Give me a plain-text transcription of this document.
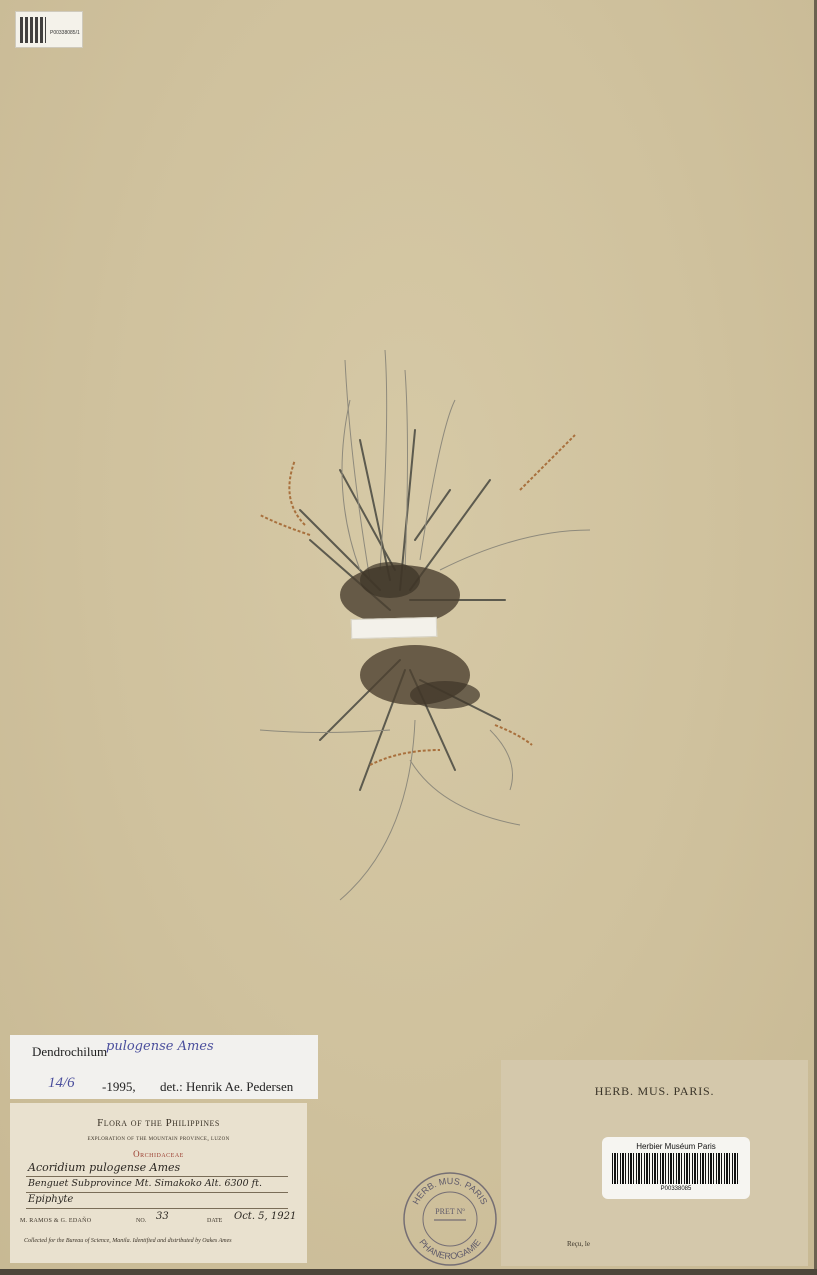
P00338085/1
Dendrochilum
pulogense Ames
14/6 -1995, det.: Henrik Ae. Pedersen
Flora of the Philippines
exploration of the mountain province, luzon
Orchidaceae
Acoridium pulogense Ames
Benguet Subprovince Mt. Simakoko Alt. 6300 ft.
Epiphyte
M. RAMOS & G. EDAÑO	NO. 33	DATE Oct. 5, 1921
Collected for the Bureau of Science, Manila. Identified and distributed by Oakes Ames
HERB. MUS. PARIS.
Herbier Muséum Paris
P00338085
Reçu, le
HERB. MUS. PARIS
PHANEROGAMIE
PRET Nº
